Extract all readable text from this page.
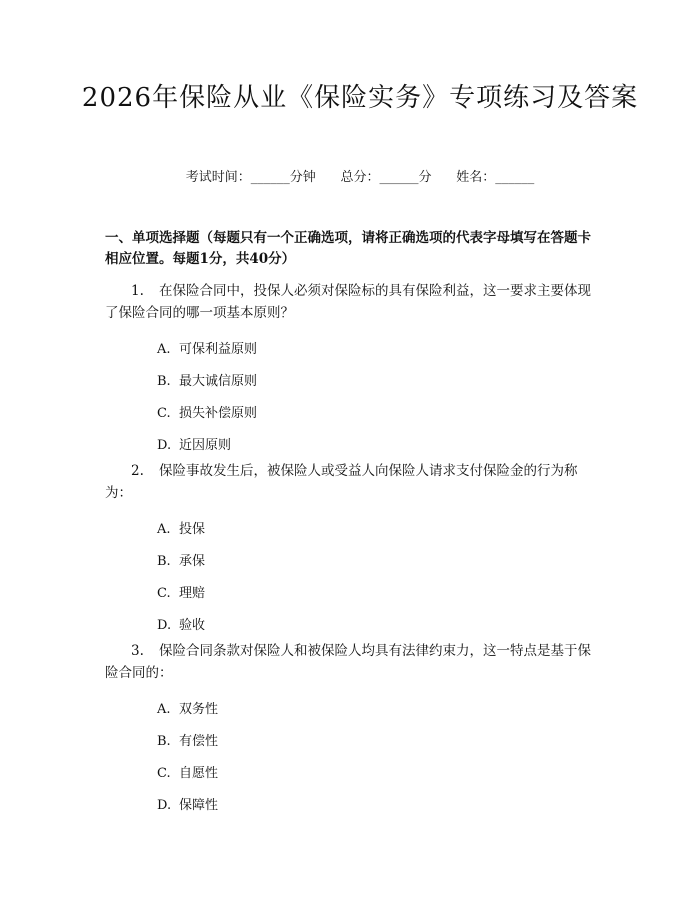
2026年保险从业《保险实务》专项练习及答案
考试时间：______分钟      总分：______分      姓名：______
一、单项选择题（每题只有一个正确选项，请将正确选项的代表字母填写在答题卡相应位置。每题1分，共40分）

1. 在保险合同中，投保人必须对保险标的具有保险利益，这一要求主要体现了保险合同的哪一项基本原则？

A. 可保利益原则
B. 最大诚信原则
C. 损失补偿原则
D. 近因原则

2. 保险事故发生后，被保险人或受益人向保险人请求支付保险金的行为称为：

A. 投保
B. 承保
C. 理赔
D. 验收

3. 保险合同条款对保险人和被保险人均具有法律约束力，这一特点是基于保险合同的：

A. 双务性
B. 有偿性
C. 自愿性
D. 保障性
